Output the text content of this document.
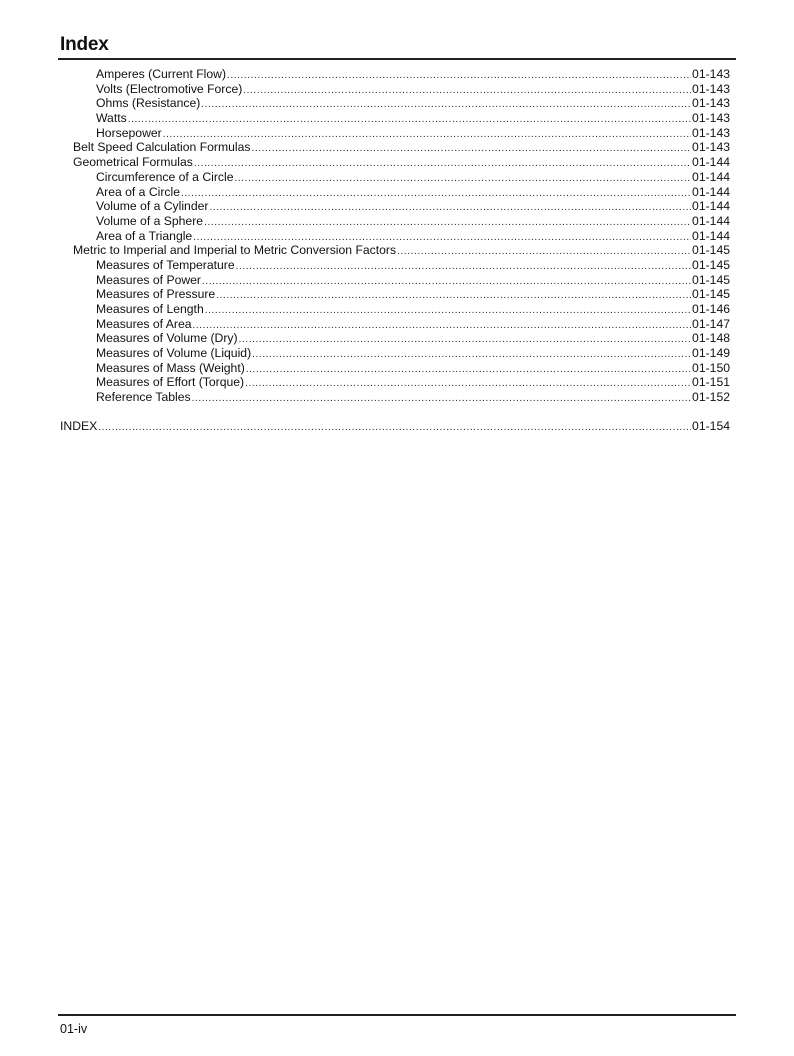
Index
Amperes (Current Flow) .....	01-143
Volts (Electromotive Force) .....	01-143
Ohms (Resistance) .....	01-143
Watts .....	01-143
Horsepower .....	01-143
Belt Speed Calculation Formulas .....	01-143
Geometrical Formulas .....	01-144
Circumference of a Circle .....	01-144
Area of a Circle .....	01-144
Volume of a Cylinder .....	01-144
Volume of a Sphere .....	01-144
Area of a Triangle .....	01-144
Metric to Imperial and Imperial to Metric Conversion Factors .....	01-145
Measures of Temperature .....	01-145
Measures of Power .....	01-145
Measures of Pressure .....	01-145
Measures of Length .....	01-146
Measures of Area .....	01-147
Measures of Volume (Dry) .....	01-148
Measures of Volume (Liquid) .....	01-149
Measures of Mass (Weight) .....	01-150
Measures of Effort (Torque) .....	01-151
Reference Tables .....	01-152
INDEX .....	01-154
01-iv
